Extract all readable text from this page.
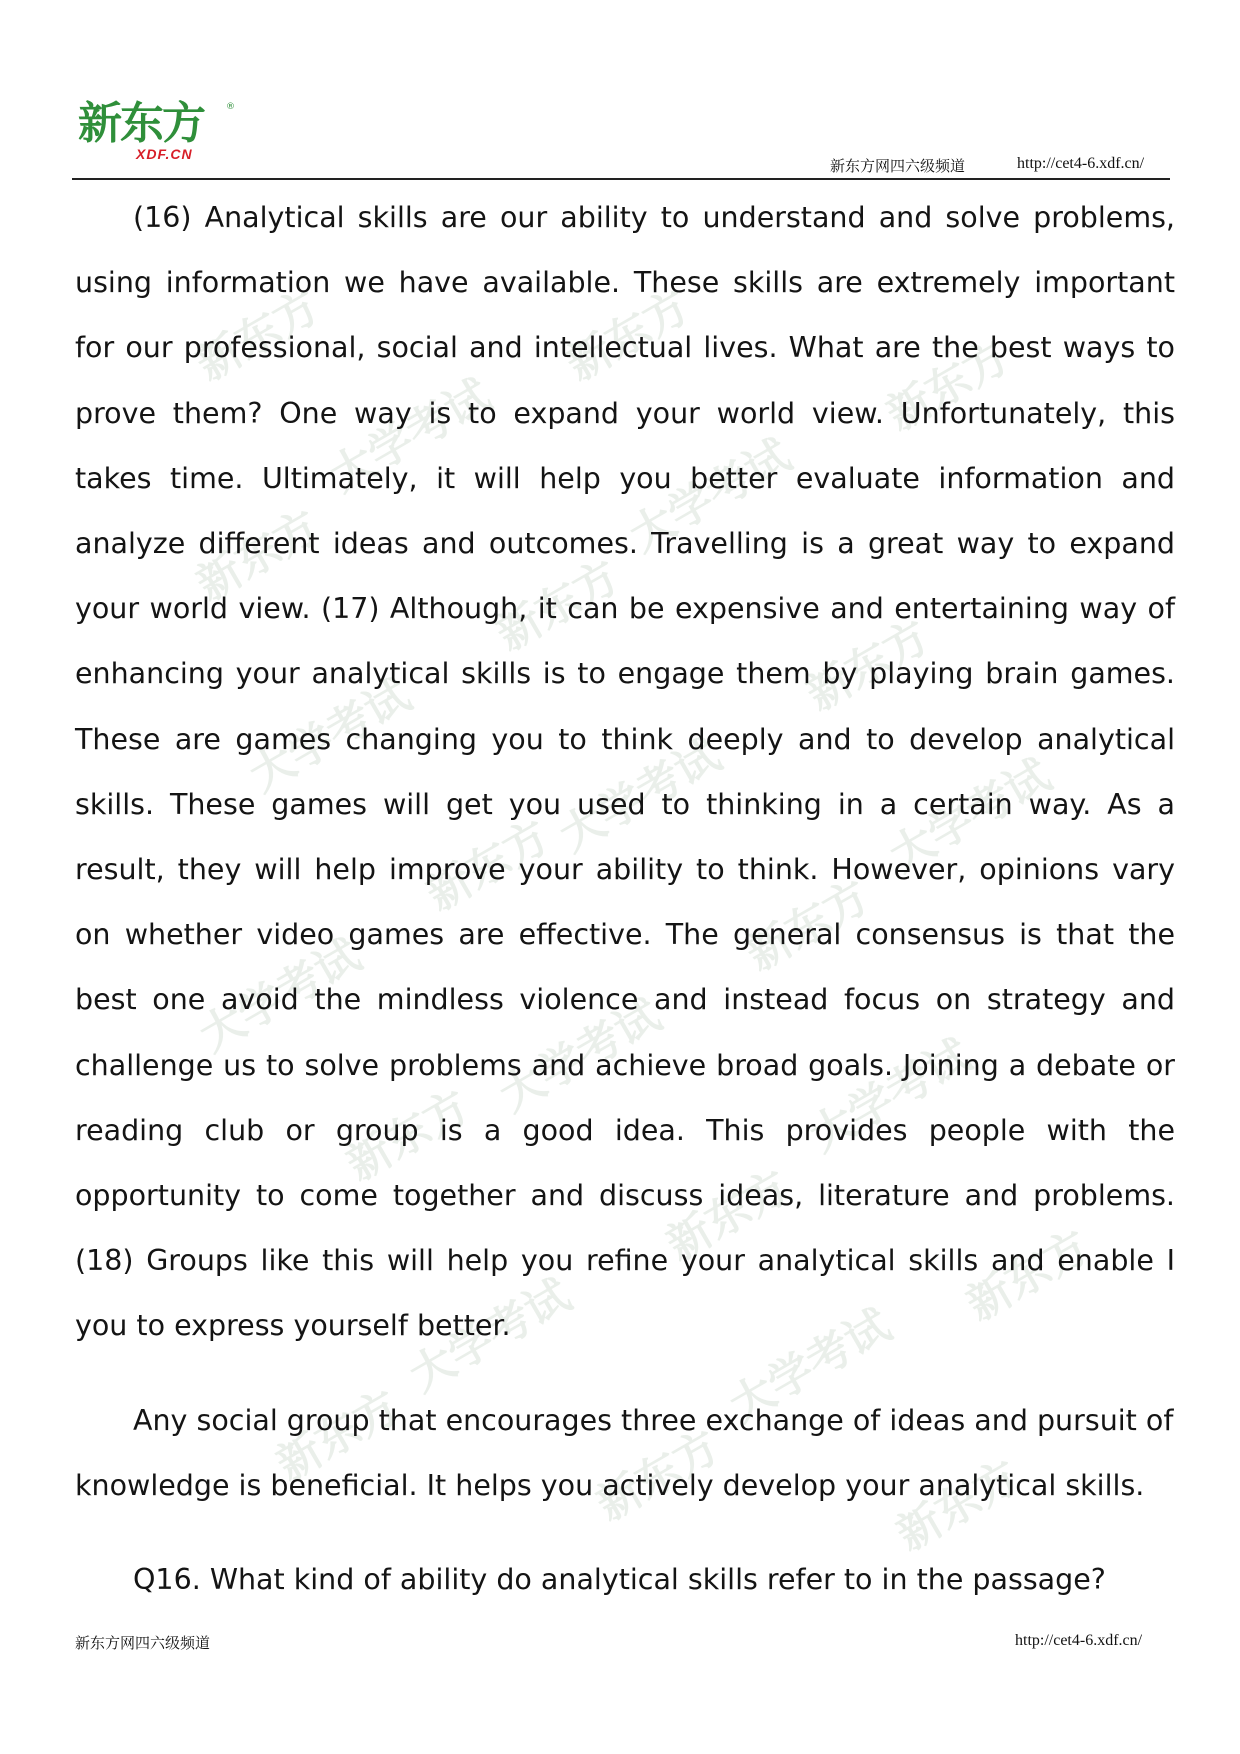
新东方	新东方	新东方
大学考试	大学考试
新东方	新东方
新东方
大学考试	大学考试
新东方	大学考试
新东方
大学考试	大学考试
新东方	大学考试
新东方
新东方
大学考试	大学考试
新东方	新东方	新东方
新东方
XDF.CN
®
新东方网四六级频道	http://cet4-6.xdf.cn/

(16) Analytical skills are our ability to understand and solve problems, using information we have available. These skills are extremely important for our professional, social and intellectual lives. What are the best ways to prove them? One way is to expand your world view. Unfortunately, this takes time. Ultimately, it will help you better evaluate information and analyze different ideas and outcomes. Travelling is a great way to expand your world view. (17) Although, it can be expensive and entertaining way of enhancing your analytical skills is to engage them by playing brain games. These are games changing you to think deeply and to develop analytical skills. These games will get you used to thinking in a certain way. As a result, they will help improve your ability to think. However, opinions vary on whether video games are effective. The general consensus is that the best one avoid the mindless violence and instead focus on strategy and challenge us to solve problems and achieve broad goals. Joining a debate or reading club or group is a good idea. This provides people with the opportunity to come together and discuss ideas, literature and problems. (18) Groups like this will help you refine your analytical skills and enable I you to express yourself better.

Any social group that encourages three exchange of ideas and pursuit of knowledge is beneficial. It helps you actively develop your analytical skills.

Q16. What kind of ability do analytical skills refer to in the passage?

新东方网四六级频道	http://cet4-6.xdf.cn/
